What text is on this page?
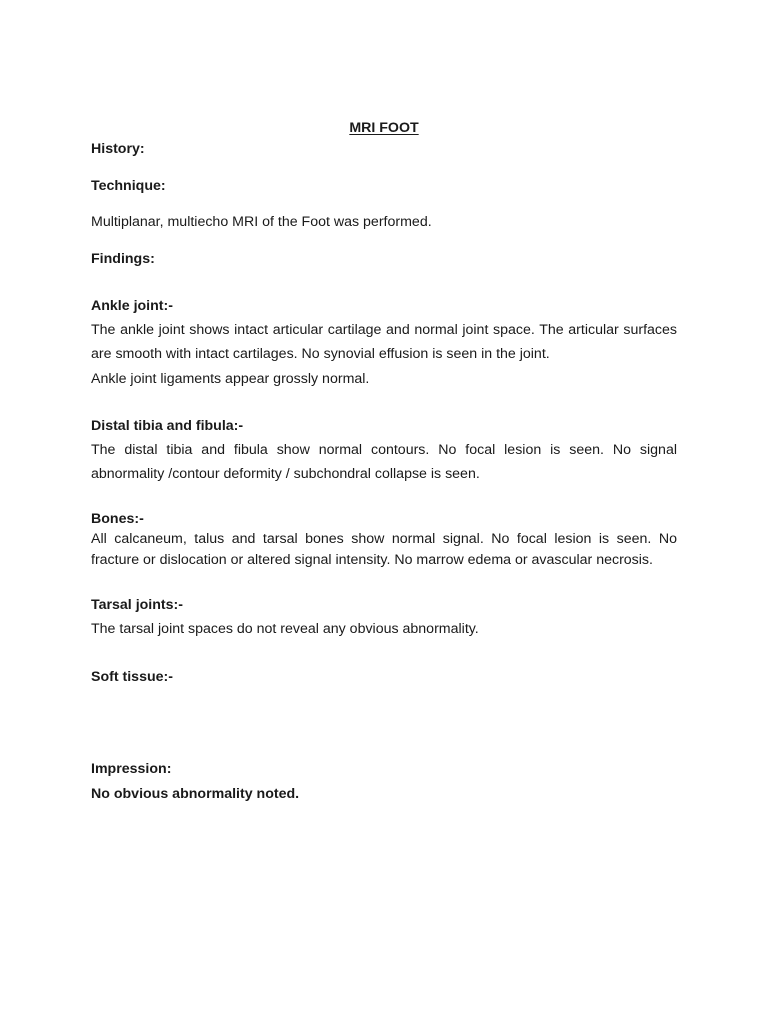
MRI FOOT
History:
Technique:

Multiplanar, multiecho MRI of the Foot was performed.

Findings:
Ankle joint:-

The ankle joint shows intact articular cartilage and normal joint space. The articular surfaces are smooth with intact cartilages. No synovial effusion is seen in the joint.

Ankle joint ligaments appear grossly normal.

Distal tibia and fibula:-

The distal tibia and fibula show normal contours. No focal lesion is seen. No signal abnormality /contour deformity / subchondral collapse is seen.

Bones:-

All calcaneum, talus and tarsal bones show normal signal. No focal lesion is seen. No fracture or dislocation or altered signal intensity. No marrow edema or avascular necrosis.

Tarsal joints:-

The tarsal joint spaces do not reveal any obvious abnormality.

Soft tissue:-
Impression:
No obvious abnormality noted.
